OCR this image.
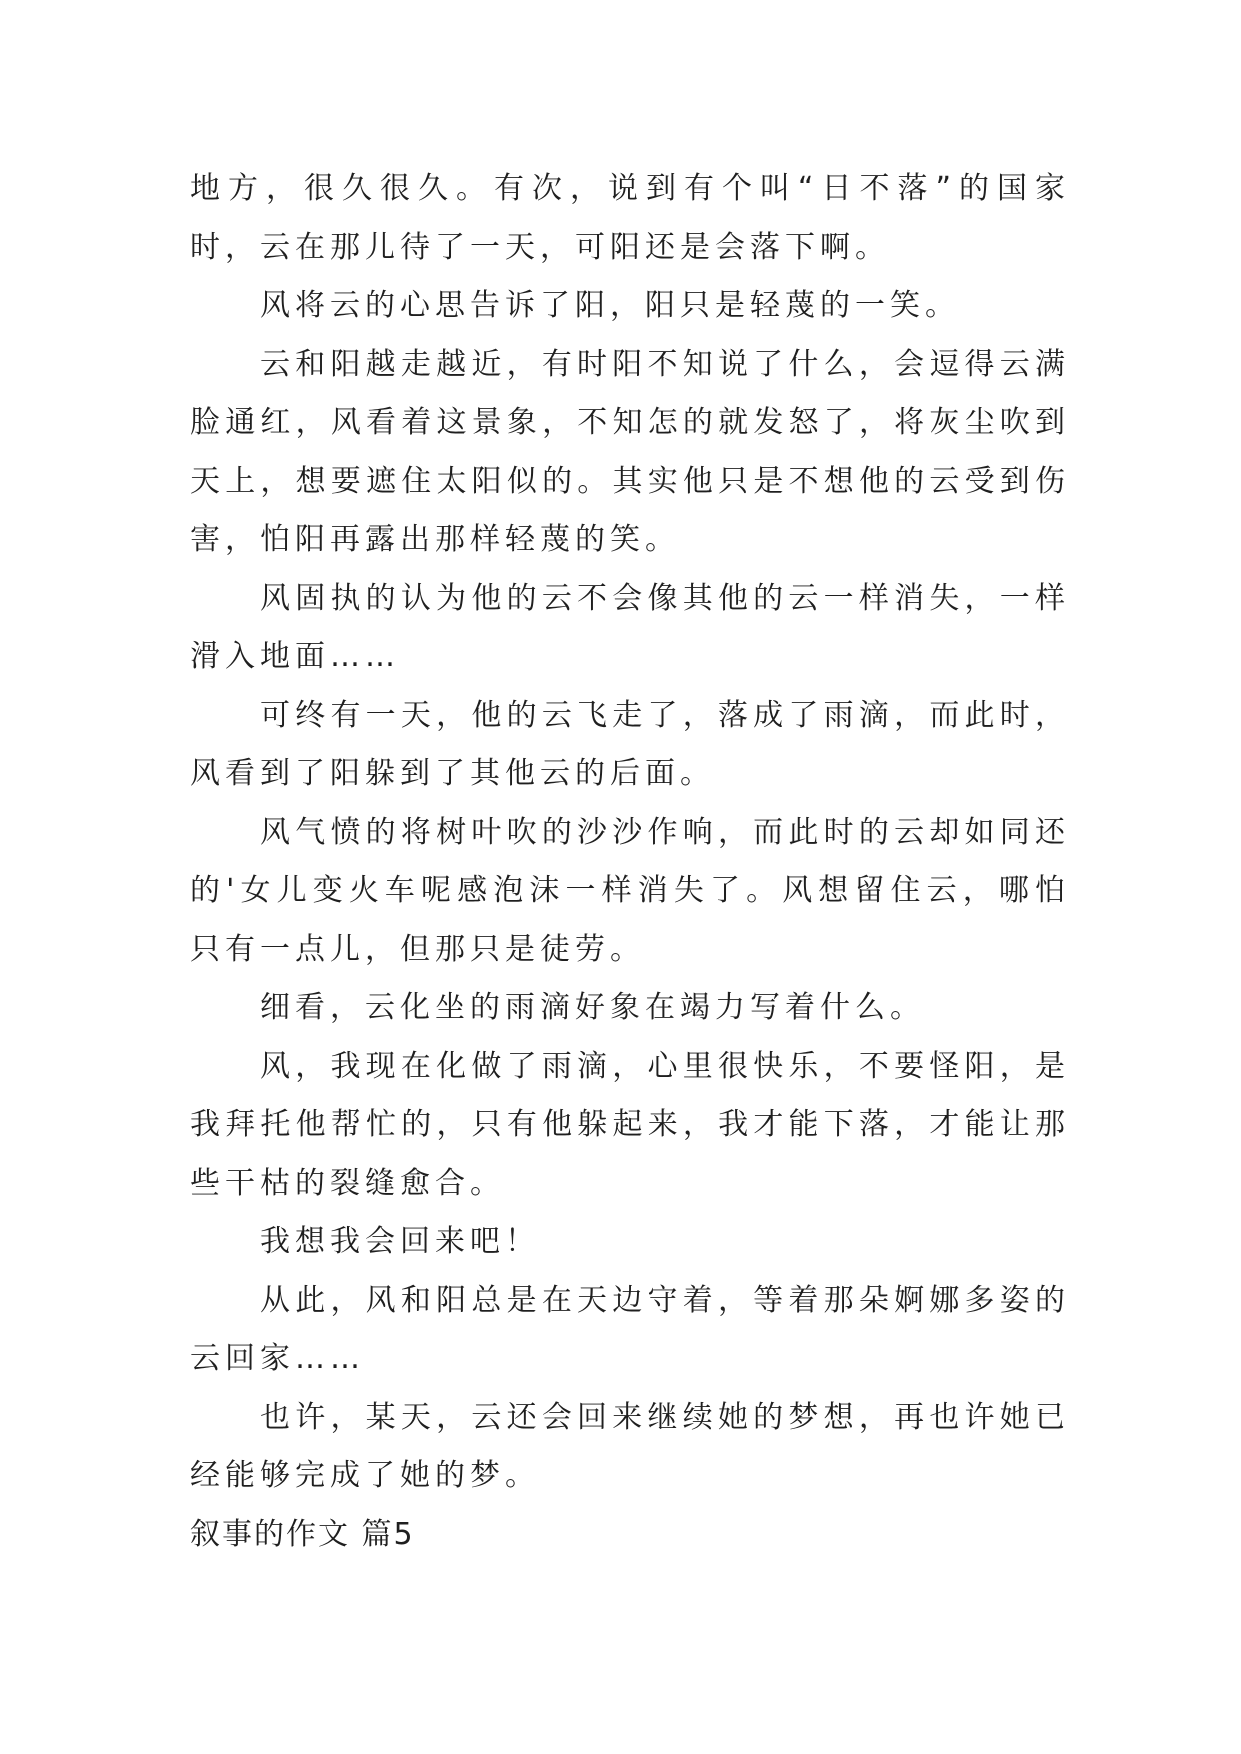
地方，很久很久。有次，说到有个叫“日不落”的国家时，云在那儿待了一天，可阳还是会落下啊。

风将云的心思告诉了阳，阳只是轻蔑的一笑。

云和阳越走越近，有时阳不知说了什么，会逗得云满脸通红，风看着这景象，不知怎的就发怒了，将灰尘吹到天上，想要遮住太阳似的。其实他只是不想他的云受到伤害，怕阳再露出那样轻蔑的笑。

风固执的认为他的云不会像其他的云一样消失，一样滑入地面……

可终有一天，他的云飞走了，落成了雨滴，而此时，风看到了阳躲到了其他云的后面。

风气愤的将树叶吹的沙沙作响，而此时的云却如同还的'女儿变火车呢感泡沫一样消失了。风想留住云，哪怕只有一点儿，但那只是徒劳。

细看，云化坐的雨滴好象在竭力写着什么。

风，我现在化做了雨滴，心里很快乐，不要怪阳，是我拜托他帮忙的，只有他躲起来，我才能下落，才能让那些干枯的裂缝愈合。

我想我会回来吧！

从此，风和阳总是在天边守着，等着那朵婀娜多姿的云回家……

也许，某天，云还会回来继续她的梦想，再也许她已经能够完成了她的梦。

叙事的作文 篇5
